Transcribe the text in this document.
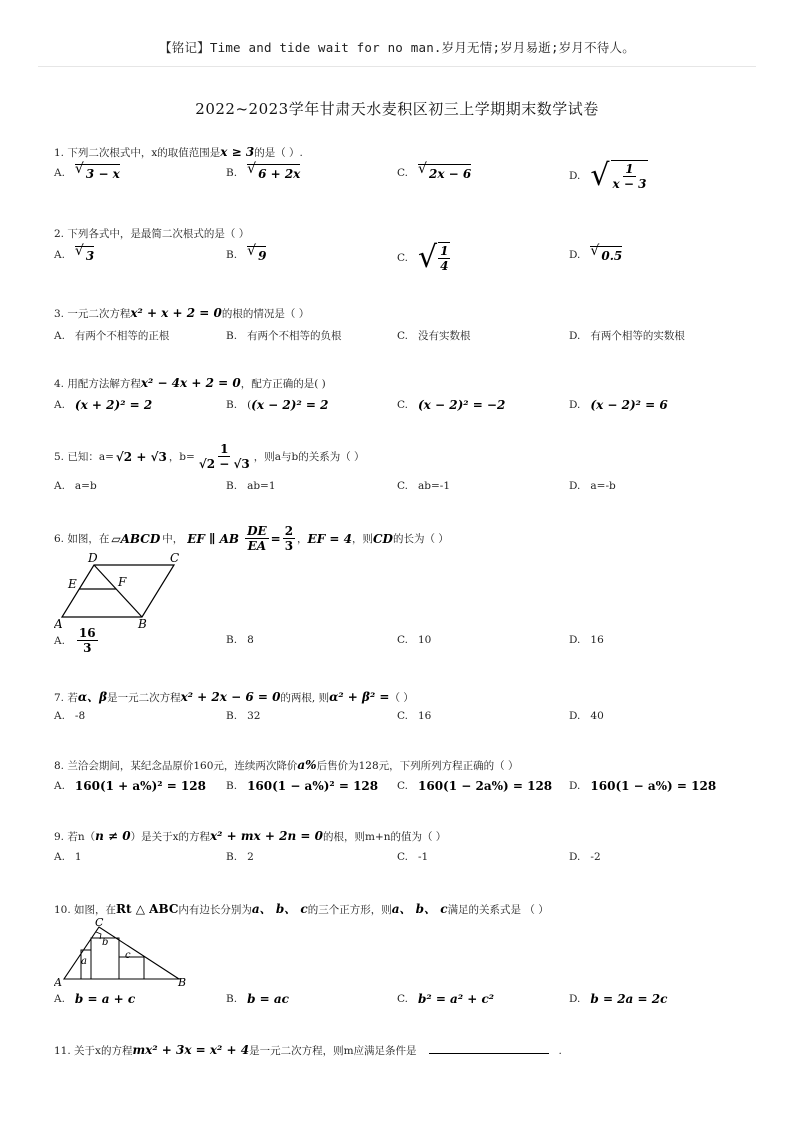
【铭记】Time and tide wait for no man.岁月无情;岁月易逝;岁月不待人。
2022~2023学年甘肃天水麦积区初三上学期期末数学试卷
1. 下列二次根式中，x的取值范围是x ≥ 3的是（ ）.
A.	√ 3 − x	B.	√ 6 + 2x	C.	√ 2x − 6	D. √ $\frac{1}{x - 3}$
2. 下列各式中，是最简二次根式的是（ ）
A.	√ 3	B.	√ 9	C. √ $\frac{1}{4}$	D.	√ 0.5
3. 一元二次方程x² + x + 2 = 0的根的情况是（ ）
A. 有两个不相等的正根	B. 有两个不相等的负根	C. 没有实数根	D. 有两个相等的实数根
4. 用配方法解方程x² − 4x + 2 = 0，配方正确的是( )
A. (x + 2)² = 2	B. ( (x − 2)² = 2	C. (x − 2)² = −2	D. (x − 2)² = 6
5. 已知：a= √2 + √3 ，$b= \frac{1}{√2 - √3}$ ，则a与b的关系为（ ）
A. a=b	B. ab=1	C. ab=-1	D. a=-b
6. 如图，在 ▱ABCD 中， EF ∥ AB $\frac{DE}{EA} = \frac{2}{3}$ ， EF = 4 ，则 CD 的长为（ ）
A	B
C
D
E	F
A. $\frac{16}{3}$	B. 8	C. 10	D. 16
7. 若α、β是一元二次方程x² + 2x − 6 = 0的两根, 则α² + β² =（ ）
A. -8	B. 32	C. 16	D. 40
8. 兰洽会期间，某纪念品原价160元，连续两次降价a%后售价为128元，下列所列方程正确的（ ）
A. 160(1 + a%)² = 128 B. 160(1 − a%)² = 128 C. 160(1 − 2a%) = 128 D. 160(1 − a%) = 128
9. 若n（n ≠ 0）是关于x的方程x² + mx + 2n = 0的根，则m+n的值为（ ）
A. 1	B. 2	C. -1	D. -2
10. 如图，在Rt △ ABC内有边长分别为a、 b、 c的三个正方形，则a、 b、 c满足的关系式是 （ ）
A	B
C
a
b
c
A. b = a + c	B. b = ac	C. b² = a² + c²	D. b = 2a = 2c
11. 关于x的方程mx² + 3x = x² + 4是一元二次方程，则m应满足条件是	.
